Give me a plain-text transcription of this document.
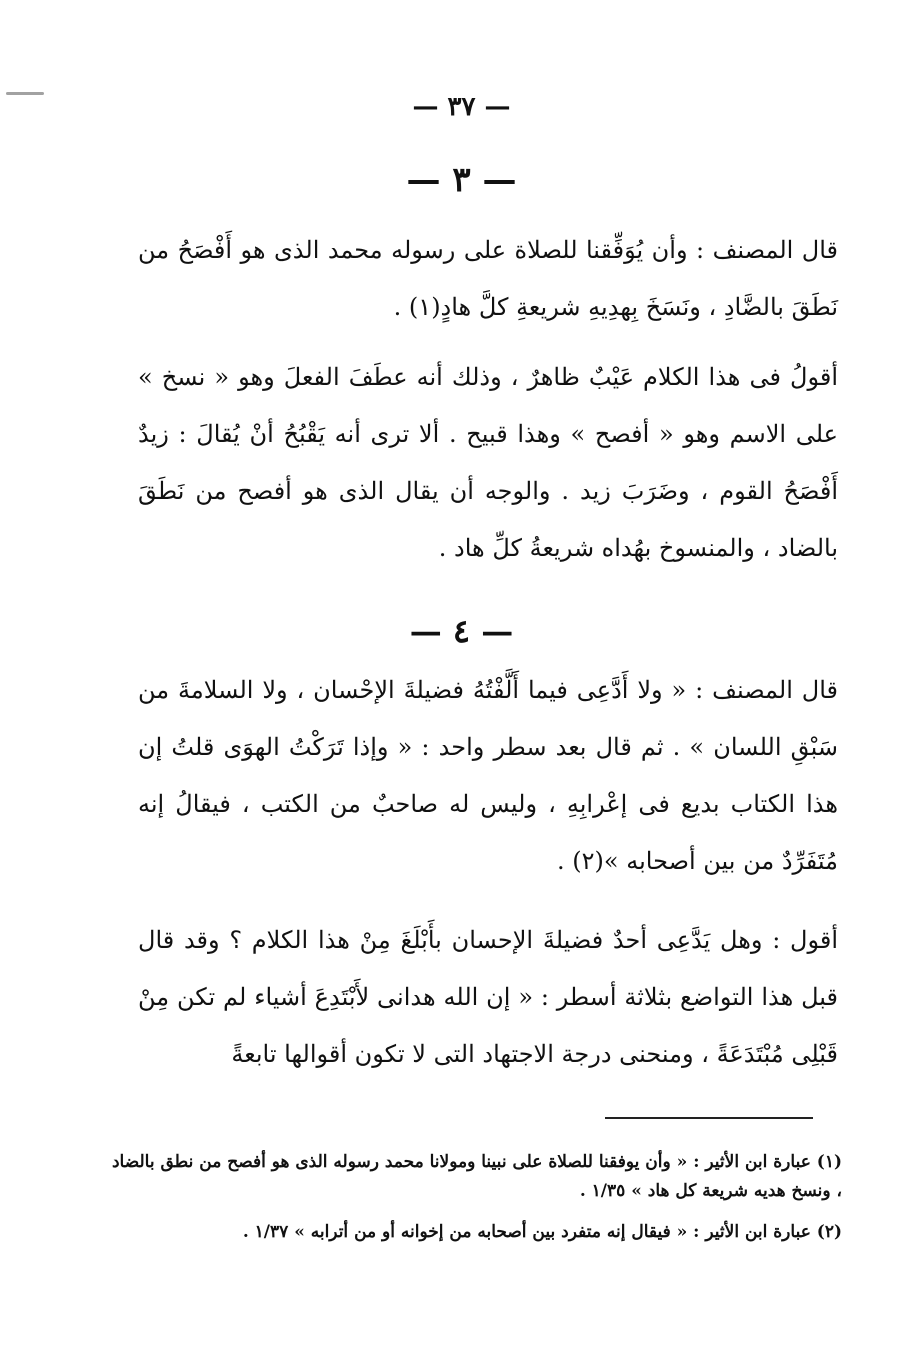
— ٣٧ —
— ٣ —
قال المصنف : وأن يُوَفِّقنا للصلاة على رسوله محمد الذى هو أَفْصَحُ من نَطَقَ بالضَّادِ ، ونَسَخَ بِهدِيهِ شريعةِ كلَّ هادٍ(١) .
أقولُ فى هذا الكلام عَيْبٌ ظاهرٌ ، وذلك أنه عطَفَ الفعلَ وهو « نسخ » على الاسم وهو « أفصح » وهذا قبيح . ألا ترى أنه يَقْبُحُ أنْ يُقالَ : زيدٌ أَفْصَحُ القوم ، وضَرَبَ زيد . والوجه أن يقال الذى هو أفصح من نَطَقَ بالضاد ، والمنسوخ بهُداه شريعةُ كلِّ هاد .
— ٤ —
قال المصنف : « ولا أَدَّعِى فيما أَلَّفْتُهُ فضيلةَ الإحْسان ، ولا السلامةَ من سَبْقِ اللسان » . ثم قال بعد سطر واحد : « وإذا تَرَكْتُ الهوَى قلتُ إن هذا الكتاب بديع فى إعْرابِهِ ، وليس له صاحبٌ من الكتب ، فيقالُ إنه مُتَفَرِّدٌ من بين أصحابه »(٢) .
أقول : وهل يَدَّعِى أحدٌ فضيلةَ الإحسان بأَبْلَغَ مِنْ هذا الكلام ؟ وقد قال قبل هذا التواضع بثلاثة أسطر : « إن الله هدانى لأَبْتَدِعَ أشياء لم تكن مِنْ قَبْلِى مُبْتَدَعَةً ، ومنحنى درجة الاجتهاد التى لا تكون أقوالها تابعةً
(١) عبارة ابن الأثير : « وأن يوفقنا للصلاة على نبينا ومولانا محمد رسوله الذى هو أفصح من نطق بالضاد ، ونسخ هديه شريعة كل هاد » ١/٣٥ .
(٢) عبارة ابن الأثير : « فيقال إنه متفرد بين أصحابه من إخوانه أو من أترابه » ١/٣٧ .
